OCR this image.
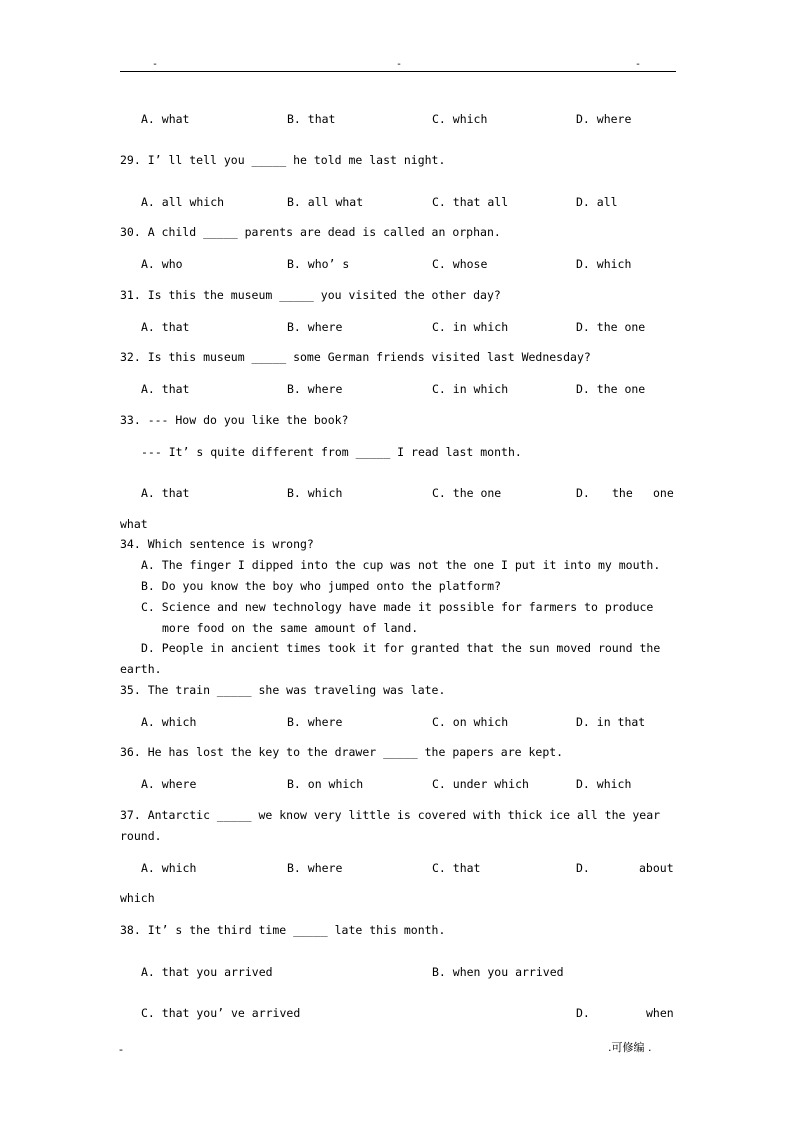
-	-	-
A. what	B. that	C. which	D. where
29. I’ ll tell you _____ he told me last night.
A. all which	B. all what	C. that all	D. all
30. A child _____ parents are dead is called an orphan.
A. who	B. who’ s	C. whose	D. which
31. Is this the museum _____ you visited the other day?
A. that	B. where	C. in which	D. the one
32. Is this museum _____ some German friends visited last Wednesday?
A. that	B. where	C. in which	D. the one
33. --- How do you like the book?
--- It’ s quite different from _____ I read last month.
A. that	B. which	C. the one	D. the one
what
34. Which sentence is wrong?
A. The finger I dipped into the cup was not the one I put it into my mouth.
B. Do you know the boy who jumped onto the platform?
C. Science and new technology have made it possible for farmers to produce
more food on the same amount of land.
D. People in ancient times took it for granted that the sun moved round the
earth.
35. The train _____ she was traveling was late.
A. which	B. where	C. on which	D. in that
36. He has lost the key to the drawer _____ the papers are kept.
A. where	B. on which	C. under which	D. which
37. Antarctic _____ we know very little is covered with thick ice all the year
round.
A. which	B. where	C. that	D.	about
which
38. It’ s the third time _____ late this month.
A. that you arrived	B. when you arrived
C. that you’ ve arrived	D.	when
-	.可修编 .
